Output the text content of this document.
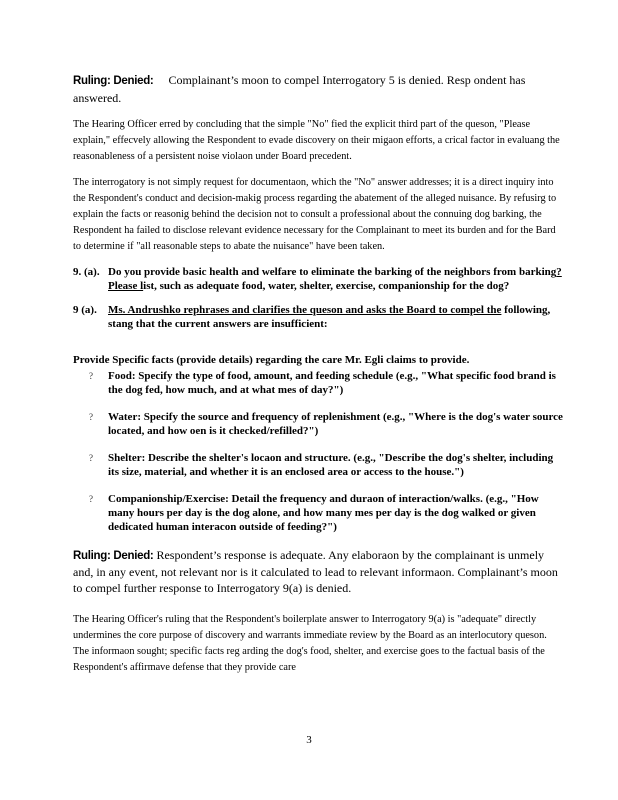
Ruling: Denied: Complainant’s moon to compel Interrogatory 5 is denied. Resp ondent has answered.

The Hearing Officer erred by concluding that the simple "No" fied the explicit third part of the queson, "Please explain," effecvely allowing the Respondent to evade discovery on their migaon efforts, a crical factor in evaluang the reasonableness of a persistent noise violaon under Board precedent.

The interrogatory is not simply request for documentaon, which the "No" answer addresses; it is a direct inquiry into the Respondent's conduct and decision-makig process regarding the abatement of the alleged nuisance. By refusirg to explain the facts or reasonig behind the decision not to consult a professional about the connuing dog barking, the Respondent ha failed to disclose relevant evidence necessary for the Complainant to meet its burden and for the Bard to determine if "all reasonable steps to abate the nuisance" have been taken.

9. (a). Do you provide basic health and welfare to eliminate the barking of the neighbors from barking? Please list, such as adequate food, water, shelter, exercise, companionship for the dog?
9 (a).	Ms. Andrushko rephrases and clarifies the queson and asks the Board to compel the following, stang that the current answers are insufficient:

Provide Specific facts (provide details) regarding the care Mr. Egli claims to provide.

?	Food: Specify the type of food, amount, and feeding schedule (e.g., "What specific food brand is the dog fed, how much, and at what mes of day?")
?	Water: Specify the source and frequency of replenishment (e.g., "Where is the dog's water source located, and how oen is it checked/refilled?")
?	Shelter: Describe the shelter's locaon and structure. (e.g., "Describe the dog's shelter, including its size, material, and whether it is an enclosed area or access to the house.")
?	Companionship/Exercise: Detail the frequency and duraon of interaction/walks. (e.g., "How many hours per day is the dog alone, and how many mes per day is the dog walked or given dedicated human interacon outside of feeding?")

Ruling: Denied: Respondent’s response is adequate. Any elaboraon by the complainant is unmely and, in any event, not relevant nor is it calculated to lead to relevant informaon. Complainant’s moon to compel further response to Interrogatory 9(a) is denied.

The Hearing Officer's ruling that the Respondent's boilerplate answer to Interrogatory 9(a) is "adequate" directly undermines the core purpose of discovery and warrants immediate review by the Board as an interlocutory queson. The informaon sought; specific facts reg arding the dog's food, shelter, and exercise goes to the factual basis of the Respondent's affirmave defense that they provide care

3
